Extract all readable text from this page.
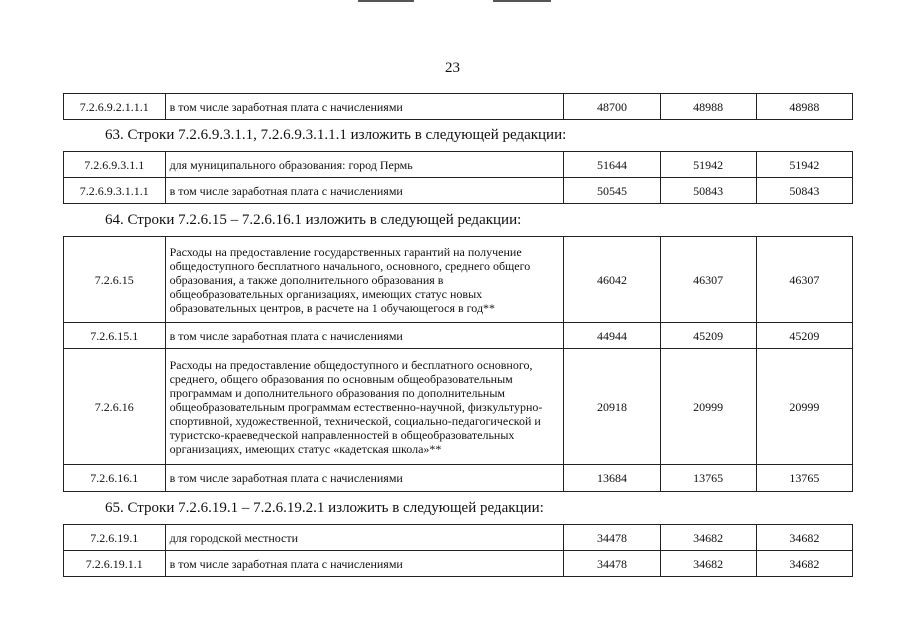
23
7.2.6.9.2.1.1.1	в том числе заработная плата с начислениями	48700	48988	48988
63. Строки 7.2.6.9.3.1.1, 7.2.6.9.3.1.1.1 изложить в следующей редакции:
7.2.6.9.3.1.1	для муниципального образования: город Пермь	51644	51942	51942
7.2.6.9.3.1.1.1	в том числе заработная плата с начислениями	50545	50843	50843
64. Строки 7.2.6.15 – 7.2.6.16.1 изложить в следующей редакции:
7.2.6.15	Расходы на предоставление государственных гарантий на получение общедоступного бесплатного начального, основного, среднего общего образования, а также дополнительного образования в общеобразовательных организациях, имеющих статус новых образовательных центров, в расчете на 1 обучающегося в год**	46042	46307	46307
7.2.6.15.1	в том числе заработная плата с начислениями	44944	45209	45209
7.2.6.16	Расходы на предоставление общедоступного и бесплатного основного, среднего, общего образования по основным общеобразовательным программам и дополнительного образования по дополнительным общеобразовательным программам естественно-научной, физкультурно-спортивной, художественной, технической, социально-педагогической и туристско-краеведческой направленностей в общеобразовательных организациях, имеющих статус «кадетская школа»**	20918	20999	20999
7.2.6.16.1	в том числе заработная плата с начислениями	13684	13765	13765
65. Строки 7.2.6.19.1 – 7.2.6.19.2.1 изложить в следующей редакции:
7.2.6.19.1	для городской местности	34478	34682	34682
7.2.6.19.1.1	в том числе заработная плата с начислениями	34478	34682	34682
